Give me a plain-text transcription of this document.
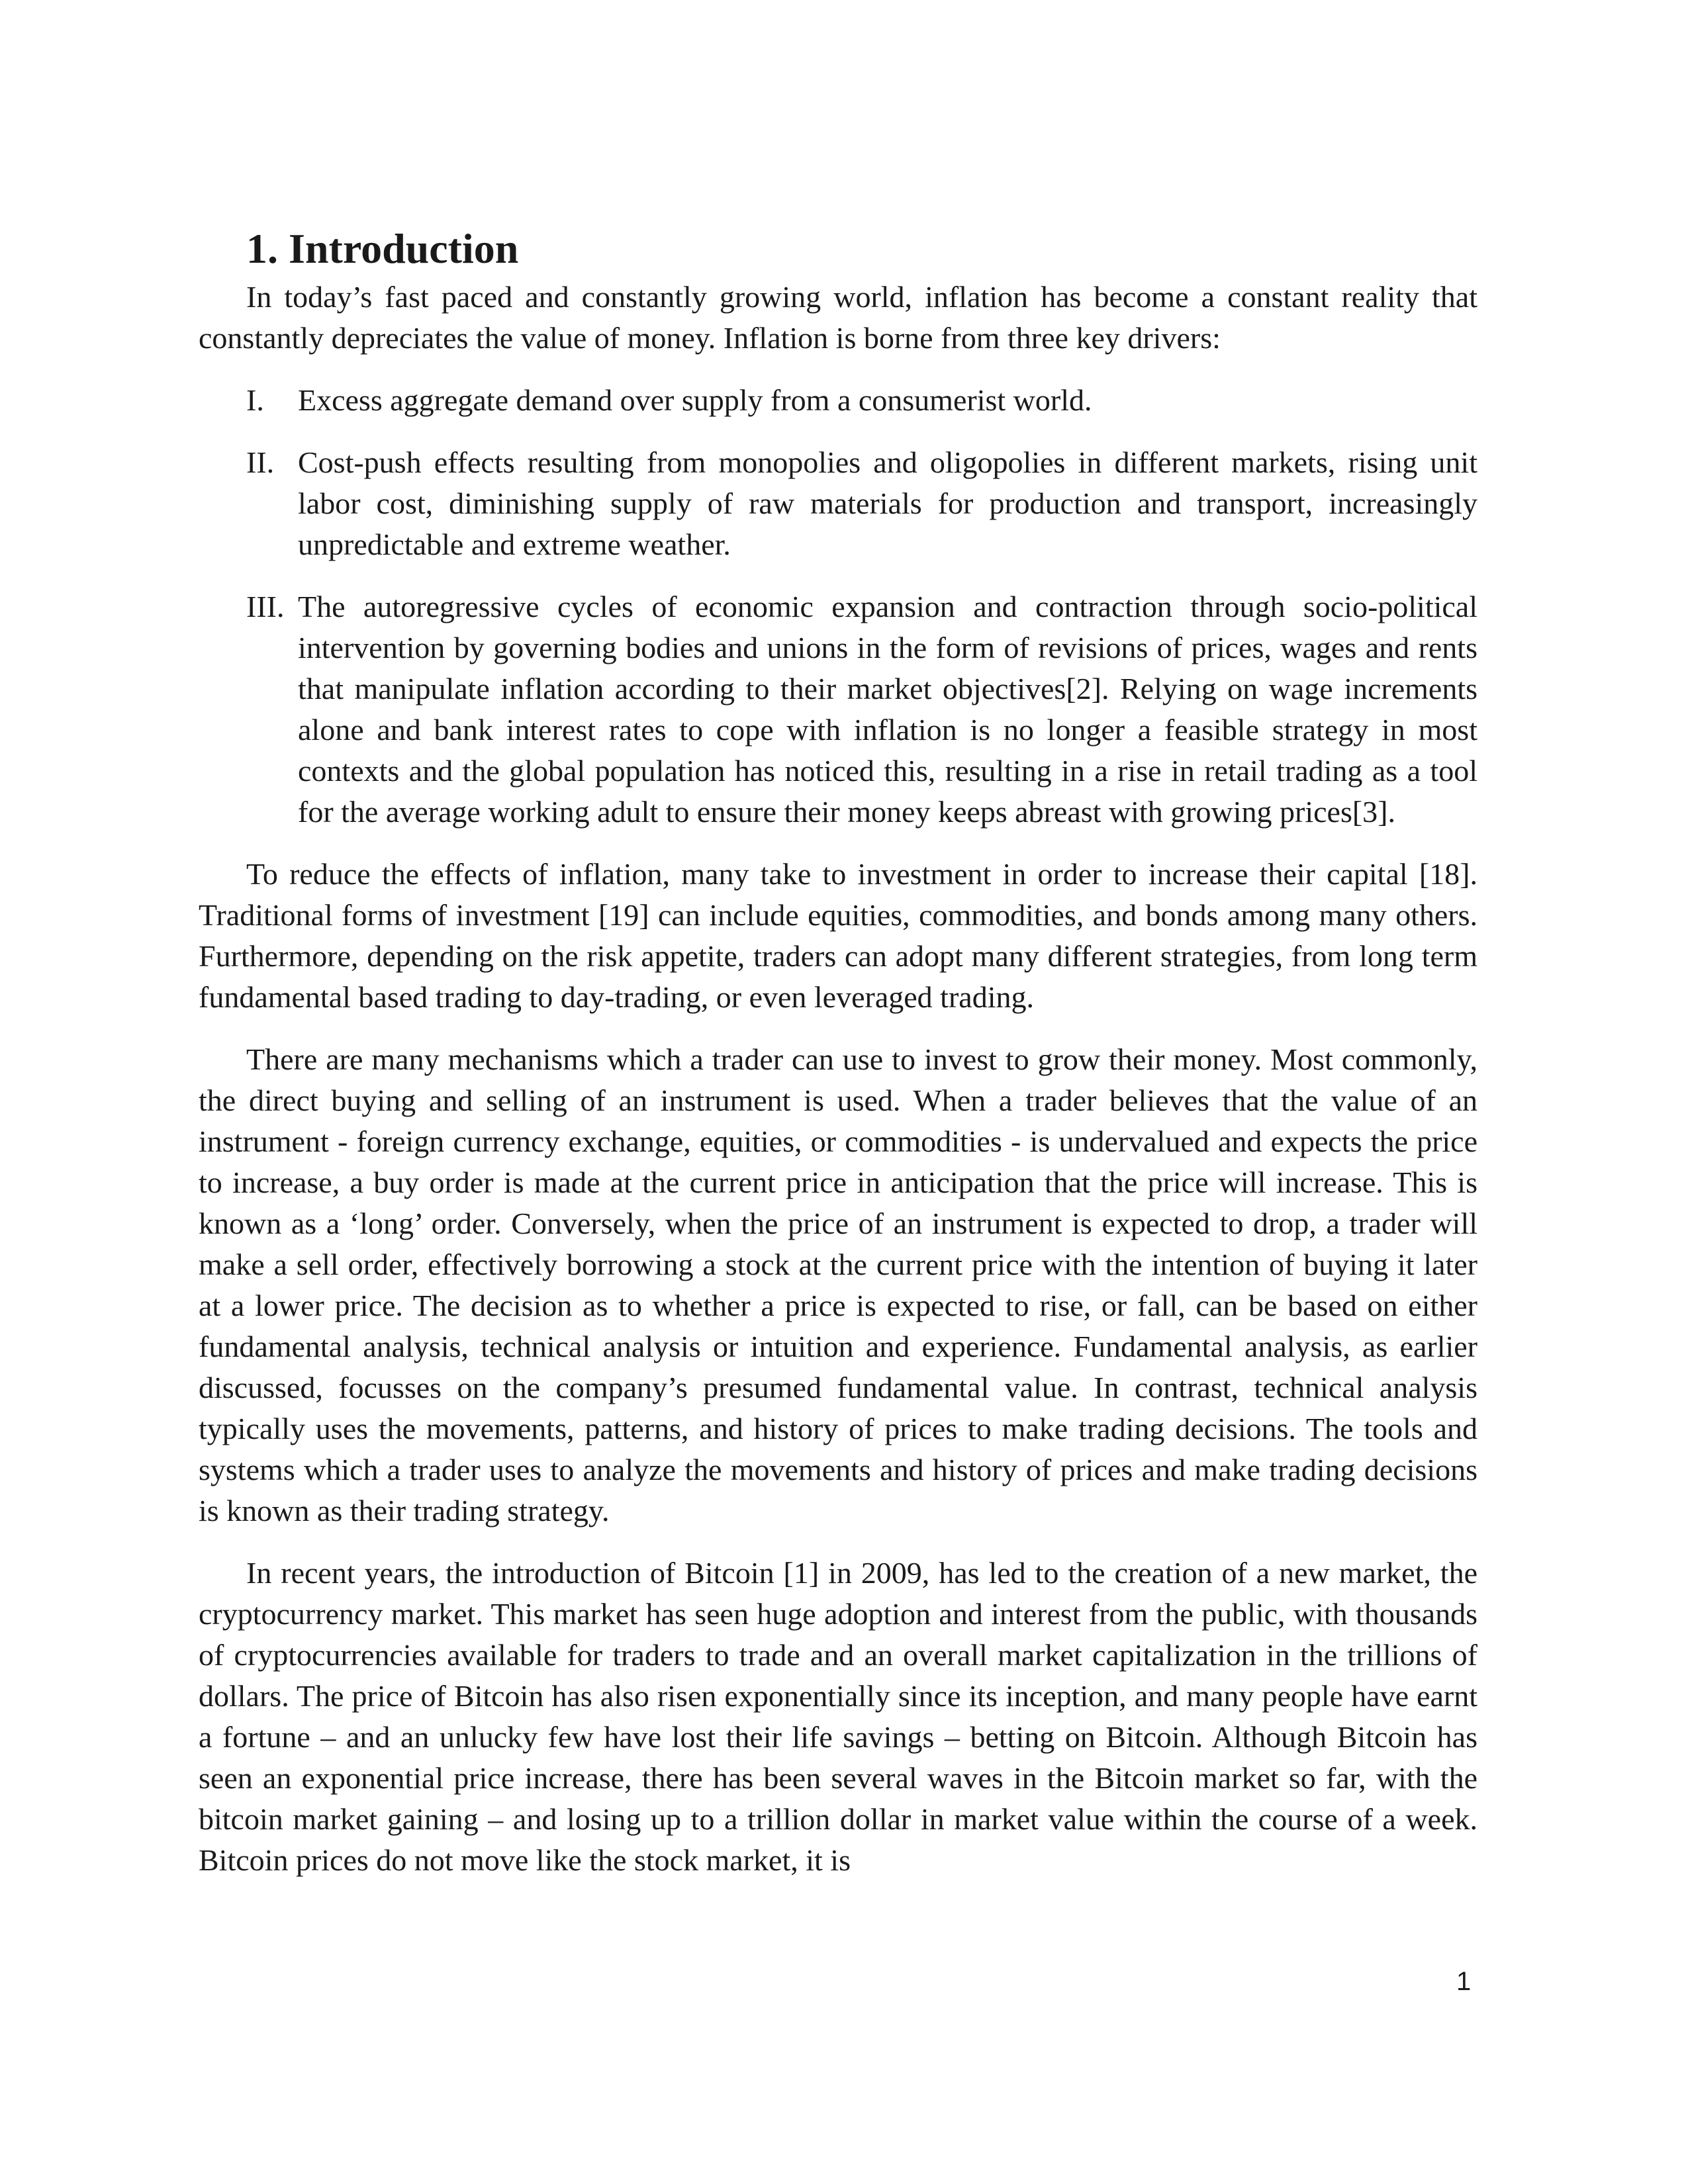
1. Introduction

In today’s fast paced and constantly growing world, inflation has become a constant reality that constantly depreciates the value of money. Inflation is borne from three key drivers:

I. Excess aggregate demand over supply from a consumerist world.
II. Cost-push effects resulting from monopolies and oligopolies in different markets, rising unit labor cost, diminishing supply of raw materials for production and transport, increasingly unpredictable and extreme weather.
III. The autoregressive cycles of economic expansion and contraction through socio-political intervention by governing bodies and unions in the form of revisions of prices, wages and rents that manipulate inflation according to their market objectives[2]. Relying on wage increments alone and bank interest rates to cope with inflation is no longer a feasible strategy in most contexts and the global population has noticed this, resulting in a rise in retail trading as a tool for the average working adult to ensure their money keeps abreast with growing prices[3].

To reduce the effects of inflation, many take to investment in order to increase their capital [18]. Traditional forms of investment [19] can include equities, commodities, and bonds among many others. Furthermore, depending on the risk appetite, traders can adopt many different strategies, from long term fundamental based trading to day-trading, or even leveraged trading.

There are many mechanisms which a trader can use to invest to grow their money. Most commonly, the direct buying and selling of an instrument is used. When a trader believes that the value of an instrument - foreign currency exchange, equities, or commodities - is undervalued and expects the price to increase, a buy order is made at the current price in anticipation that the price will increase. This is known as a ‘long’ order. Conversely, when the price of an instrument is expected to drop, a trader will make a sell order, effectively borrowing a stock at the current price with the intention of buying it later at a lower price. The decision as to whether a price is expected to rise, or fall, can be based on either fundamental analysis, technical analysis or intuition and experience. Fundamental analysis, as earlier discussed, focusses on the company’s presumed fundamental value. In contrast, technical analysis typically uses the movements, patterns, and history of prices to make trading decisions. The tools and systems which a trader uses to analyze the movements and history of prices and make trading decisions is known as their trading strategy.

In recent years, the introduction of Bitcoin [1] in 2009, has led to the creation of a new market, the cryptocurrency market. This market has seen huge adoption and interest from the public, with thousands of cryptocurrencies available for traders to trade and an overall market capitalization in the trillions of dollars. The price of Bitcoin has also risen exponentially since its inception, and many people have earnt a fortune – and an unlucky few have lost their life savings – betting on Bitcoin. Although Bitcoin has seen an exponential price increase, there has been several waves in the Bitcoin market so far, with the bitcoin market gaining – and losing up to a trillion dollar in market value within the course of a week. Bitcoin prices do not move like the stock market, it is

1
